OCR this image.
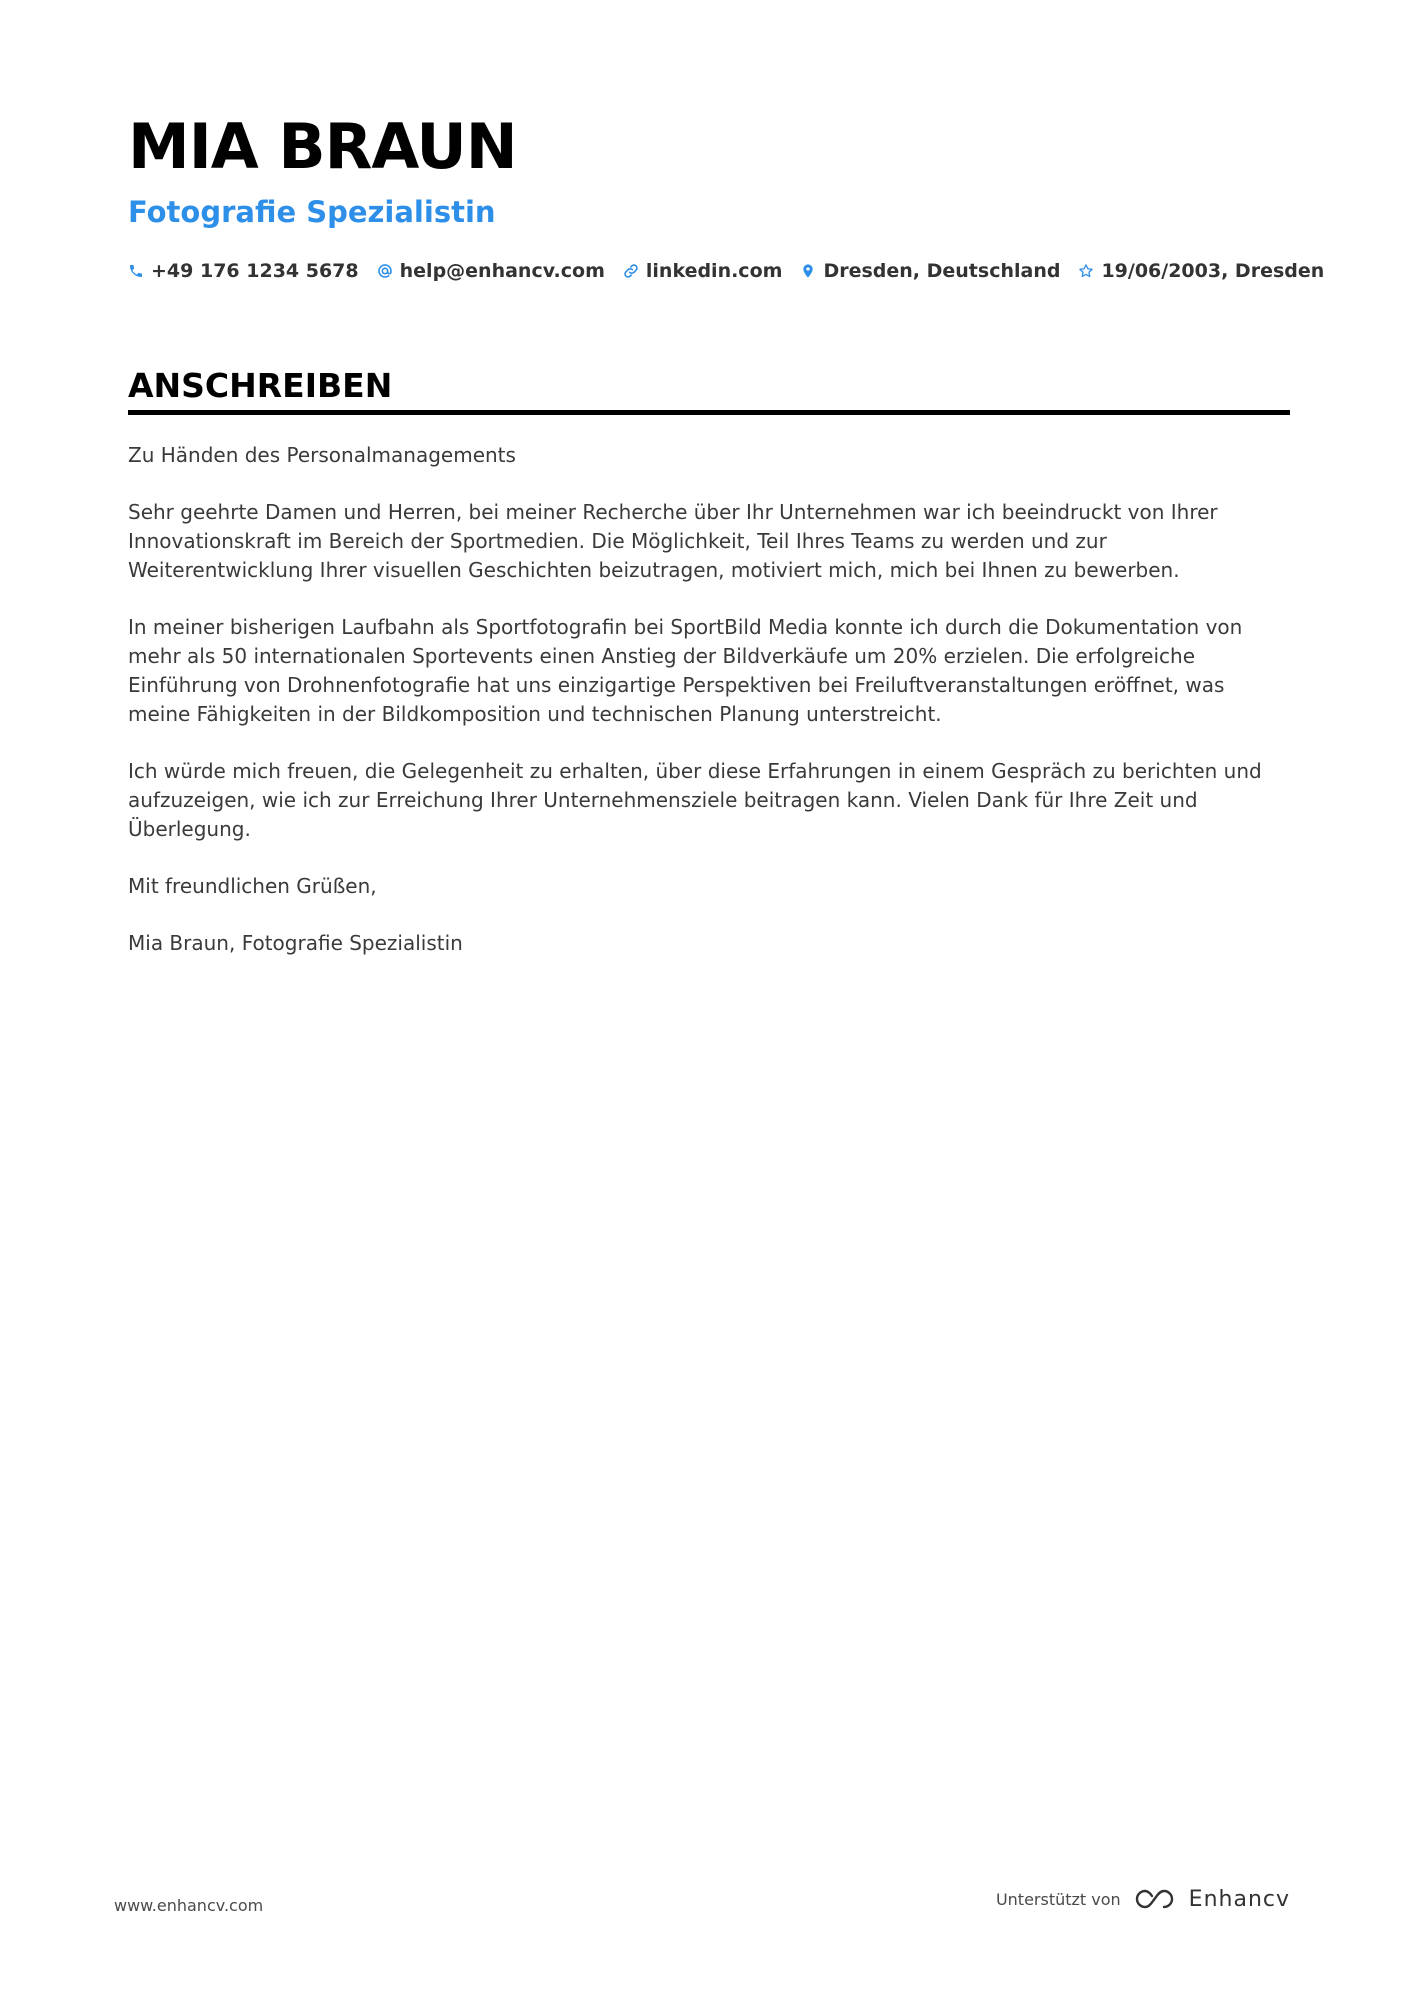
MIA BRAUN
Fotografie Spezialistin
+49 176 1234 5678 help@enhancv.com linkedin.com Dresden, Deutschland 19/06/2003, Dresden
ANSCHREIBEN

Zu Händen des Personalmanagements

Sehr geehrte Damen und Herren, bei meiner Recherche über Ihr Unternehmen war ich beeindruckt von Ihrer Innovationskraft im Bereich der Sportmedien. Die Möglichkeit, Teil Ihres Teams zu werden und zur Weiterentwicklung Ihrer visuellen Geschichten beizutragen, motiviert mich, mich bei Ihnen zu bewerben.

In meiner bisherigen Laufbahn als Sportfotografin bei SportBild Media konnte ich durch die Dokumentation von mehr als 50 internationalen Sportevents einen Anstieg der Bildverkäufe um 20% erzielen. Die erfolgreiche Einführung von Drohnenfotografie hat uns einzigartige Perspektiven bei Freiluftveranstaltungen eröffnet, was meine Fähigkeiten in der Bildkomposition und technischen Planung unterstreicht.

Ich würde mich freuen, die Gelegenheit zu erhalten, über diese Erfahrungen in einem Gespräch zu berichten und aufzuzeigen, wie ich zur Erreichung Ihrer Unternehmensziele beitragen kann. Vielen Dank für Ihre Zeit und Überlegung.

Mit freundlichen Grüßen,

Mia Braun, Fotografie Spezialistin

www.enhancv.com	Unterstützt von	Enhancv
